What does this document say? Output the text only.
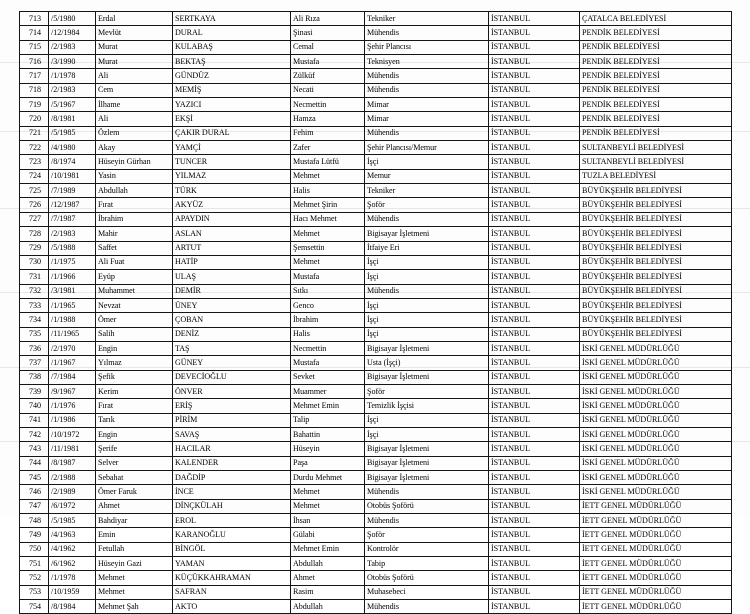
713	/5/1980	Erdal	SERTKAYA	Ali Rıza	Tekniker	İSTANBUL	ÇATALCA BELEDİYESİ
714	/12/1984	Mevlüt	DURAL	Şinasi	Mühendis	İSTANBUL	PENDİK BELEDİYESİ
715	/2/1983	Murat	KULABAŞ	Cemal	Şehir Plancısı	İSTANBUL	PENDİK BELEDİYESİ
716	/3/1990	Murat	BEKTAŞ	Mustafa	Teknisyen	İSTANBUL	PENDİK BELEDİYESİ
717	/1/1978	Ali	GÜNDÜZ	Zülküf	Mühendis	İSTANBUL	PENDİK BELEDİYESİ
718	/2/1983	Cem	MEMİŞ	Necati	Mühendis	İSTANBUL	PENDİK BELEDİYESİ
719	/5/1967	İlhame	YAZICI	Necmettin	Mimar	İSTANBUL	PENDİK BELEDİYESİ
720	/8/1981	Ali	EKŞİ	Hamza	Mimar	İSTANBUL	PENDİK BELEDİYESİ
721	/5/1985	Özlem	ÇAKIR DURAL	Fehim	Mühendis	İSTANBUL	PENDİK BELEDİYESİ
722	/4/1980	Akay	YAMÇİ	Zafer	Şehir Plancısı/Memur	İSTANBUL	SULTANBEYLİ BELEDİYESİ
723	/8/1974	Hüseyin Gürhan	TUNCER	Mustafa Lütfü	İşçi	İSTANBUL	SULTANBEYLİ BELEDİYESİ
724	/10/1981	Yasin	YILMAZ	Mehmet	Memur	İSTANBUL	TUZLA BELEDİYESİ
725	/7/1989	Abdullah	TÜRK	Halis	Tekniker	İSTANBUL	BÜYÜKŞEHİR BELEDİYESİ
726	/12/1987	Fırat	AKYÜZ	Mehmet Şirin	Şoför	İSTANBUL	BÜYÜKŞEHİR BELEDİYESİ
727	/7/1987	İbrahim	APAYDIN	Hacı Mehmet	Mühendis	İSTANBUL	BÜYÜKŞEHİR BELEDİYESİ
728	/2/1983	Mahir	ASLAN	Mehmet	Bigisayar İşletmeni	İSTANBUL	BÜYÜKŞEHİR BELEDİYESİ
729	/5/1988	Saffet	ARTUT	Şemsettin	İtfaiye Eri	İSTANBUL	BÜYÜKŞEHİR BELEDİYESİ
730	/1/1975	Ali Fuat	HATİP	Mehmet	İşçi	İSTANBUL	BÜYÜKŞEHİR BELEDİYESİ
731	/1/1966	Eyüp	ULAŞ	Mustafa	İşçi	İSTANBUL	BÜYÜKŞEHİR BELEDİYESİ
732	/3/1981	Muhammet	DEMİR	Sıtkı	Mühendis	İSTANBUL	BÜYÜKŞEHİR BELEDİYESİ
733	/1/1965	Nevzat	ÜNEY	Genco	İşçi	İSTANBUL	BÜYÜKŞEHİR BELEDİYESİ
734	/1/1988	Ömer	ÇOBAN	İbrahim	İşçi	İSTANBUL	BÜYÜKŞEHİR BELEDİYESİ
735	/11/1965	Salih	DENİZ	Halis	İşçi	İSTANBUL	BÜYÜKŞEHİR BELEDİYESİ
736	/2/1970	Engin	TAŞ	Necmettin	Bigisayar İşletmeni	İSTANBUL	İSKİ GENEL MÜDÜRLÜĞÜ
737	/1/1967	Yılmaz	GÜNEY	Mustafa	Usta (İşçi)	İSTANBUL	İSKİ GENEL MÜDÜRLÜĞÜ
738	/7/1984	Şefik	DEVECİOĞLU	Sevket	Bigisayar İşletmeni	İSTANBUL	İSKİ GENEL MÜDÜRLÜĞÜ
739	/9/1967	Kerim	ÖNVER	Muammer	Şoför	İSTANBUL	İSKİ GENEL MÜDÜRLÜĞÜ
740	/1/1976	Fırat	ERİŞ	Mehmet Emin	Temizlik İşçisi	İSTANBUL	İSKİ GENEL MÜDÜRLÜĞÜ
741	/1/1986	Tarık	PİRİM	Talip	İşçi	İSTANBUL	İSKİ GENEL MÜDÜRLÜĞÜ
742	/10/1972	Engin	SAVAŞ	Bahattin	İşçi	İSTANBUL	İSKİ GENEL MÜDÜRLÜĞÜ
743	/11/1981	Şerife	HACILAR	Hüseyin	Bigisayar İşletmeni	İSTANBUL	İSKİ GENEL MÜDÜRLÜĞÜ
744	/8/1987	Selver	KALENDER	Paşa	Bigisayar İşletmeni	İSTANBUL	İSKİ GENEL MÜDÜRLÜĞÜ
745	/2/1988	Sebahat	DAĞDİP	Durdu Mehmet	Bigisayar İşletmeni	İSTANBUL	İSKİ GENEL MÜDÜRLÜĞÜ
746	/2/1989	Ömer Faruk	İNCE	Mehmet	Mühendis	İSTANBUL	İSKİ GENEL MÜDÜRLÜĞÜ
747	/6/1972	Ahmet	DİNÇKÜLAH	Mehmet	Otobüs Şoförü	İSTANBUL	İETT GENEL MÜDÜRLÜĞÜ
748	/5/1985	Bahdiyar	EROL	İhsan	Mühendis	İSTANBUL	İETT GENEL MÜDÜRLÜĞÜ
749	/4/1963	Emin	KARANOĞLU	Gülabi	Şoför	İSTANBUL	İETT GENEL MÜDÜRLÜĞÜ
750	/4/1962	Fetullah	BİNGÖL	Mehmet Emin	Kontrolör	İSTANBUL	İETT GENEL MÜDÜRLÜĞÜ
751	/6/1962	Hüseyin Gazi	YAMAN	Abdullah	Tabip	İSTANBUL	İETT GENEL MÜDÜRLÜĞÜ
752	/1/1978	Mehmet	KÜÇÜKKAHRAMAN	Ahmet	Otobüs Şoförü	İSTANBUL	İETT GENEL MÜDÜRLÜĞÜ
753	/10/1959	Mehmet	SAFRAN	Rasim	Muhasebeci	İSTANBUL	İETT GENEL MÜDÜRLÜĞÜ
754	/8/1984	Mehmet Şah	AKTO	Abdullah	Mühendis	İSTANBUL	İETT GENEL MÜDÜRLÜĞÜ
